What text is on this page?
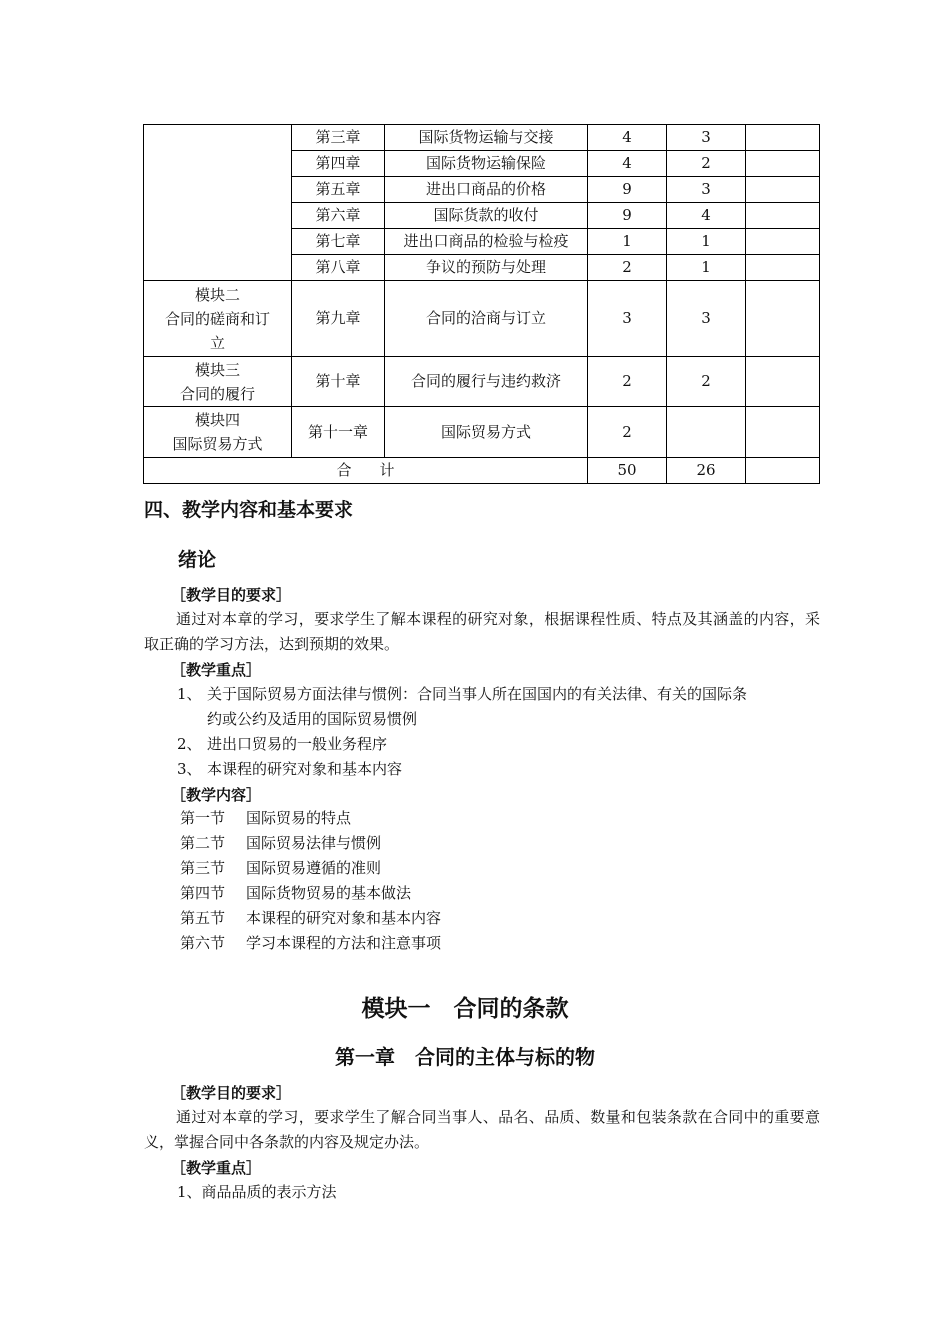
	第三章	国际货物运输与交接	4	3	
	第四章	国际货物运输保险	4	2	
	第五章	进出口商品的价格	9	3	
	第六章	国际货款的收付	9	4	
	第七章	进出口商品的检验与检疫	1	1	
	第八章	争议的预防与处理	2	1	

模块二
合同的磋商和订
立	第九章	合同的洽商与订立	3	3	

模块三
合同的履行	第十章	合同的履行与违约救济	2	2	

模块四
国际贸易方式	第十一章	国际贸易方式	2		
合 计			50	26	
四、教学内容和基本要求
绪论
［教学目的要求］
通过对本章的学习，要求学生了解本课程的研究对象，根据课程性质、特点及其涵盖的内容，采取正确的学习方法，达到预期的效果。
［教学重点］
1、 关于国际贸易方面法律与惯例：合同当事人所在国国内的有关法律、有关的国际条
约或公约及适用的国际贸易惯例
2、 进出口贸易的一般业务程序
3、 本课程的研究对象和基本内容
［教学内容］
第一节 国际贸易的特点
第二节 国际贸易法律与惯例
第三节 国际贸易遵循的准则
第四节 国际货物贸易的基本做法
第五节 本课程的研究对象和基本内容
第六节 学习本课程的方法和注意事项
模块一　合同的条款
第一章　合同的主体与标的物
［教学目的要求］
通过对本章的学习，要求学生了解合同当事人、品名、品质、数量和包装条款在合同中的重要意义，掌握合同中各条款的内容及规定办法。
［教学重点］
1、商品品质的表示方法
